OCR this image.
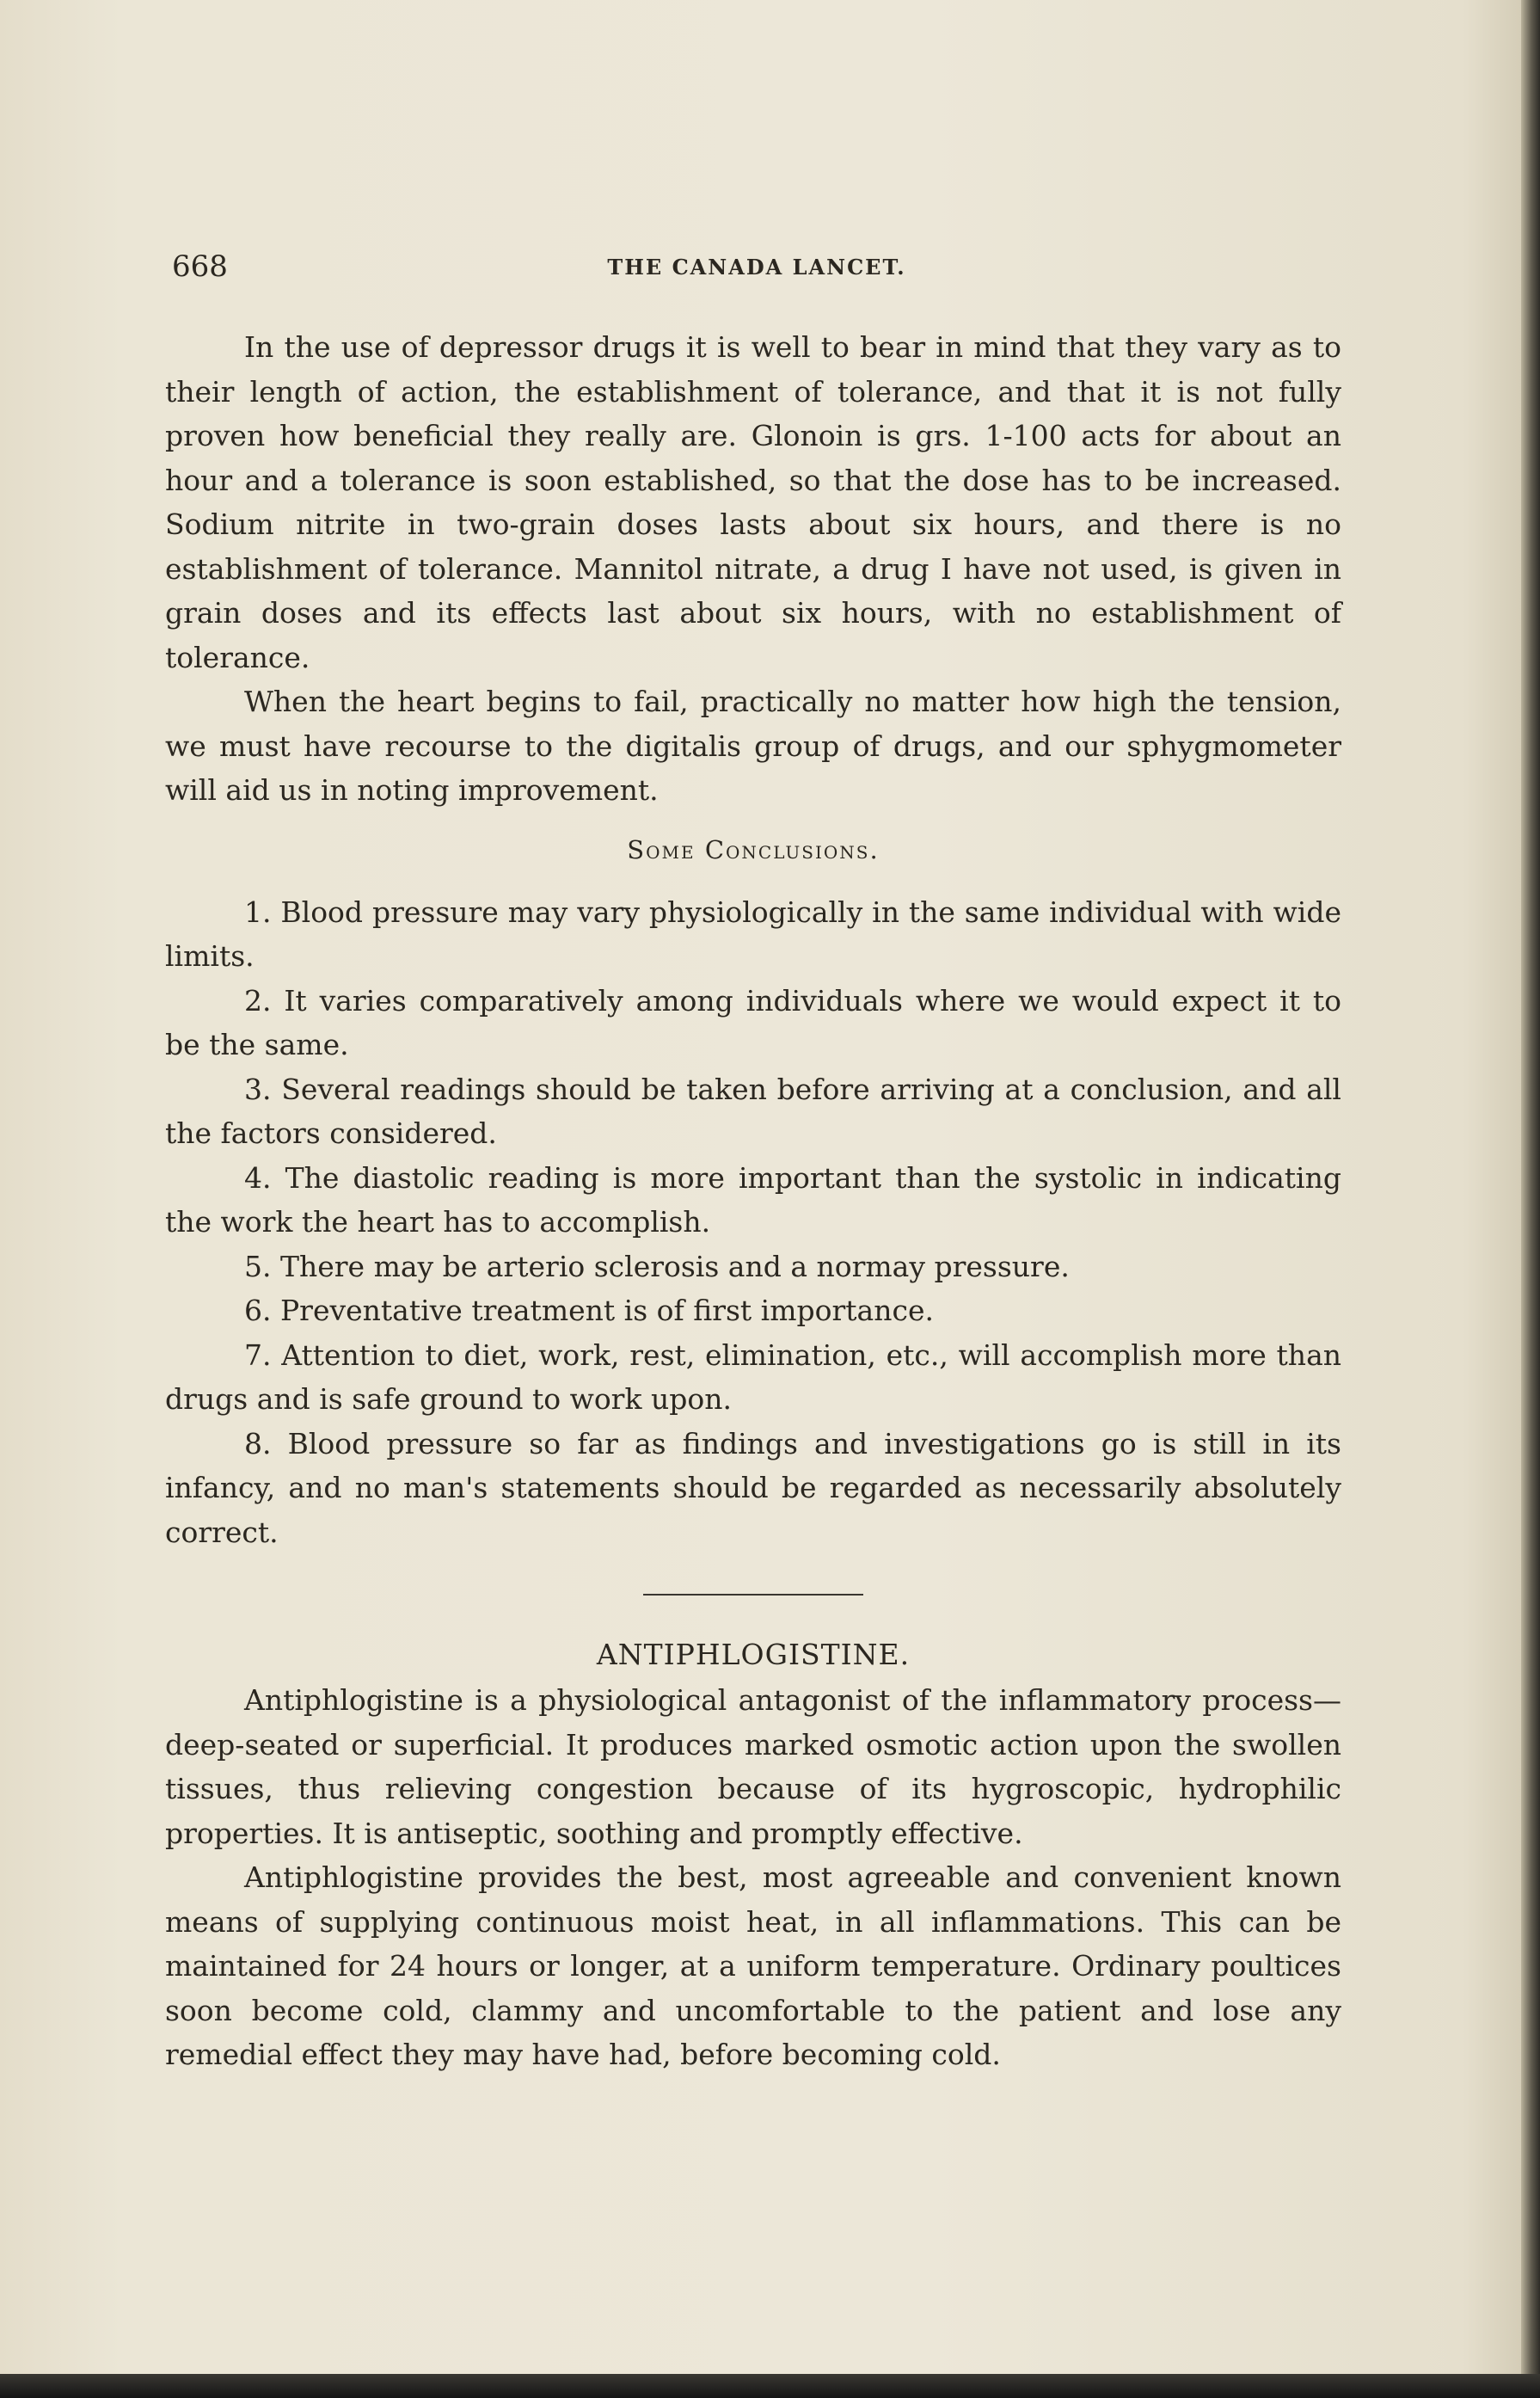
668	THE CANADA LANCET.

In the use of depressor drugs it is well to bear in mind that they vary as to their length of action, the establishment of tolerance, and that it is not fully proven how beneficial they really are. Glonoin is grs. 1-100 acts for about an hour and a tolerance is soon established, so that the dose has to be increased. Sodium nitrite in two-grain doses lasts about six hours, and there is no establishment of tolerance. Mannitol nitrate, a drug I have not used, is given in grain doses and its effects last about six hours, with no establishment of tolerance.

When the heart begins to fail, practically no matter how high the tension, we must have recourse to the digitalis group of drugs, and our sphygmometer will aid us in noting improvement.

Some Conclusions.

1. Blood pressure may vary physiologically in the same individual with wide limits.

2. It varies comparatively among individuals where we would expect it to be the same.

3. Several readings should be taken before arriving at a conclusion, and all the factors considered.

4. The diastolic reading is more important than the systolic in indicating the work the heart has to accomplish.

5. There may be arterio sclerosis and a normay pressure.

6. Preventative treatment is of first importance.

7. Attention to diet, work, rest, elimination, etc., will accomplish more than drugs and is safe ground to work upon.

8. Blood pressure so far as findings and investigations go is still in its infancy, and no man's statements should be regarded as necessarily absolutely correct.

ANTIPHLOGISTINE.

Antiphlogistine is a physiological antagonist of the inflammatory process—deep-seated or superficial. It produces marked osmotic action upon the swollen tissues, thus relieving congestion because of its hygroscopic, hydrophilic properties. It is antiseptic, soothing and promptly effective.

Antiphlogistine provides the best, most agreeable and convenient known means of supplying continuous moist heat, in all inflammations. This can be maintained for 24 hours or longer, at a uniform temperature. Ordinary poultices soon become cold, clammy and uncomfortable to the patient and lose any remedial effect they may have had, before becoming cold.
